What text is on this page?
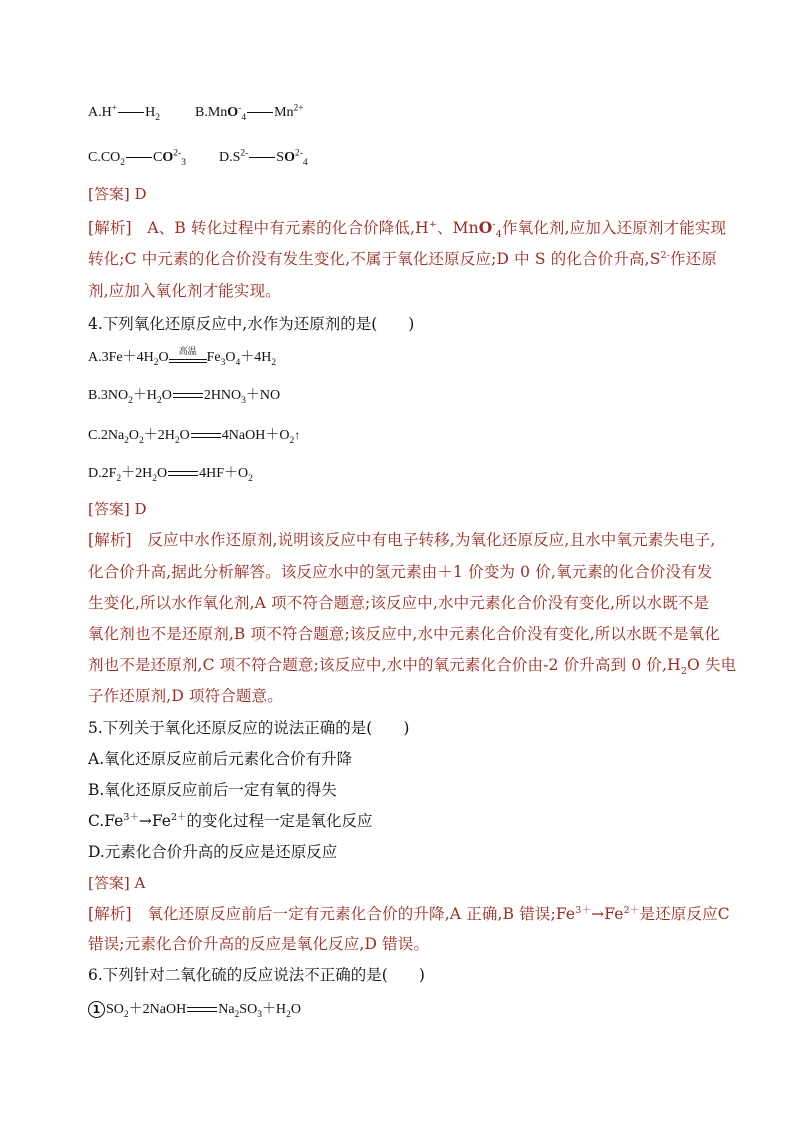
A.H+ $H_2$	B.MnO-$_4$ $Mn^{2+}$
$C.CO_2$ $CO^{2-}_3$ $D.S^{2-}$ $SO^{2-}_4$
[答案] D
[解析]　A、B 转化过程中有元素的化合价降低,H+、MnO-$_4$作氧化剂,应加入还原剂才能实现
转化;C 中元素的化合价没有发生变化,不属于氧化还原反应;D 中 S 的化合价升高$,S^{2-}$作还原
剂,应加入氧化剂才能实现。
4.下列氧化还原反应中,水作为还原剂的是(　　)
$A.3Fe+4H_2O$	高温 $Fe_3O_4+4H_2$
$B.3NO_2+H_2O$ $2HNO_3+NO$
$C.2Na_2O_2+2H_2O$ $4NaOH+O_2↑$
$D.2F_2+2H_2O$ $4HF+O_2$
[答案] D
[解析]　反应中水作还原剂,说明该反应中有电子转移,为氧化还原反应,且水中氧元素失电子,
化合价升高,据此分析解答。该反应水中的氢元素由＋1 价变为 0 价,氧元素的化合价没有发
生变化,所以水作氧化剂,A 项不符合题意;该反应中,水中元素化合价没有变化,所以水既不是
氧化剂也不是还原剂,B 项不符合题意;该反应中,水中元素化合价没有变化,所以水既不是氧化
剂也不是还原剂,C 项不符合题意;该反应中,水中的氧元素化合价由-2 价升高到 0 价$,H_2O$ 失电
子作还原剂,D 项符合题意。
5.下列关于氧化还原反应的说法正确的是(　　)
A.氧化还原反应前后元素化合价有升降
B.氧化还原反应前后一定有氧的得失
$C.Fe^{3+}\to Fe^{2+}$的变化过程一定是氧化反应
D.元素化合价升高的反应是还原反应
[答案] A
[解析]　氧化还原反应前后一定有元素化合价的升降,A 正确,B 错误$;Fe^{3+}\to Fe^{2+}$是还原反应C
错误;元素化合价升高的反应是氧化反应,D 错误。
6.下列针对二氧化硫的反应说法不正确的是(　　)
1 $SO_2+2NaOH$ $Na_2SO_3+H_2O$
